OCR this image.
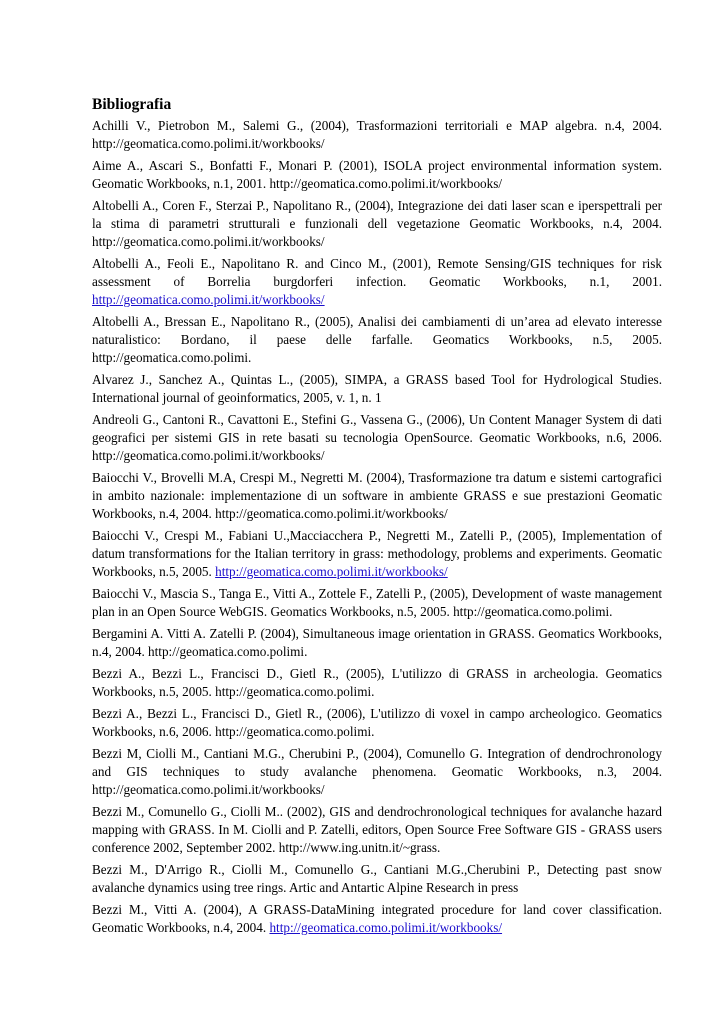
Bibliografia

Achilli V., Pietrobon M., Salemi G., (2004), Trasformazioni territoriali e MAP algebra. n.4, 2004. http://geomatica.como.polimi.it/workbooks/

Aime A., Ascari S., Bonfatti F., Monari P. (2001), ISOLA project environmental information system. Geomatic Workbooks, n.1, 2001. http://geomatica.como.polimi.it/workbooks/

Altobelli A., Coren F., Sterzai P., Napolitano R., (2004), Integrazione dei dati laser scan e iperspettrali per la stima di parametri strutturali e funzionali dell vegetazione Geomatic Workbooks, n.4, 2004. http://geomatica.como.polimi.it/workbooks/

Altobelli A., Feoli E., Napolitano R. and Cinco M., (2001), Remote Sensing/GIS techniques for risk assessment of Borrelia burgdorferi infection. Geomatic Workbooks, n.1, 2001. http://geomatica.como.polimi.it/workbooks/

Altobelli A., Bressan E., Napolitano R., (2005), Analisi dei cambiamenti di un’area ad elevato interesse naturalistico: Bordano, il paese delle farfalle. Geomatics Workbooks, n.5, 2005. http://geomatica.como.polimi.

Alvarez J., Sanchez A., Quintas L., (2005), SIMPA, a GRASS based Tool for Hydrological Studies. International journal of geoinformatics, 2005, v. 1, n. 1

Andreoli G., Cantoni R., Cavattoni E., Stefini G., Vassena G., (2006), Un Content Manager System di dati geografici per sistemi GIS in rete basati su tecnologia OpenSource. Geomatic Workbooks, n.6, 2006. http://geomatica.como.polimi.it/workbooks/

Baiocchi V., Brovelli M.A, Crespi M., Negretti M. (2004), Trasformazione tra datum e sistemi cartografici in ambito nazionale: implementazione di un software in ambiente GRASS e sue prestazioni Geomatic Workbooks, n.4, 2004. http://geomatica.como.polimi.it/workbooks/

Baiocchi V., Crespi M., Fabiani U.,Macciacchera P., Negretti M., Zatelli P., (2005), Implementation of datum transformations for the Italian territory in grass: methodology, problems and experiments. Geomatic Workbooks, n.5, 2005. http://geomatica.como.polimi.it/workbooks/

Baiocchi V., Mascia S., Tanga E., Vitti A., Zottele F., Zatelli P., (2005), Development of waste management plan in an Open Source WebGIS. Geomatics Workbooks, n.5, 2005. http://geomatica.como.polimi.

Bergamini A. Vitti A. Zatelli P. (2004), Simultaneous image orientation in GRASS. Geomatics Workbooks, n.4, 2004. http://geomatica.como.polimi.

Bezzi A., Bezzi L., Francisci D., Gietl R., (2005), L'utilizzo di GRASS in archeologia. Geomatics Workbooks, n.5, 2005. http://geomatica.como.polimi.

Bezzi A., Bezzi L., Francisci D., Gietl R., (2006), L'utilizzo di voxel in campo archeologico. Geomatics Workbooks, n.6, 2006. http://geomatica.como.polimi.

Bezzi M, Ciolli M., Cantiani M.G., Cherubini P., (2004), Comunello G. Integration of dendrochronology and GIS techniques to study avalanche phenomena. Geomatic Workbooks, n.3, 2004. http://geomatica.como.polimi.it/workbooks/

Bezzi M., Comunello G., Ciolli M.. (2002), GIS and dendrochronological techniques for avalanche hazard mapping with GRASS. In M. Ciolli and P. Zatelli, editors, Open Source Free Software GIS - GRASS users conference 2002, September 2002. http://www.ing.unitn.it/~grass.

Bezzi M., D'Arrigo R., Ciolli M., Comunello G., Cantiani M.G.,Cherubini P., Detecting past snow avalanche dynamics using tree rings. Artic and Antartic Alpine Research in press

Bezzi M., Vitti A. (2004), A GRASS-DataMining integrated procedure for land cover classification. Geomatic Workbooks, n.4, 2004. http://geomatica.como.polimi.it/workbooks/
